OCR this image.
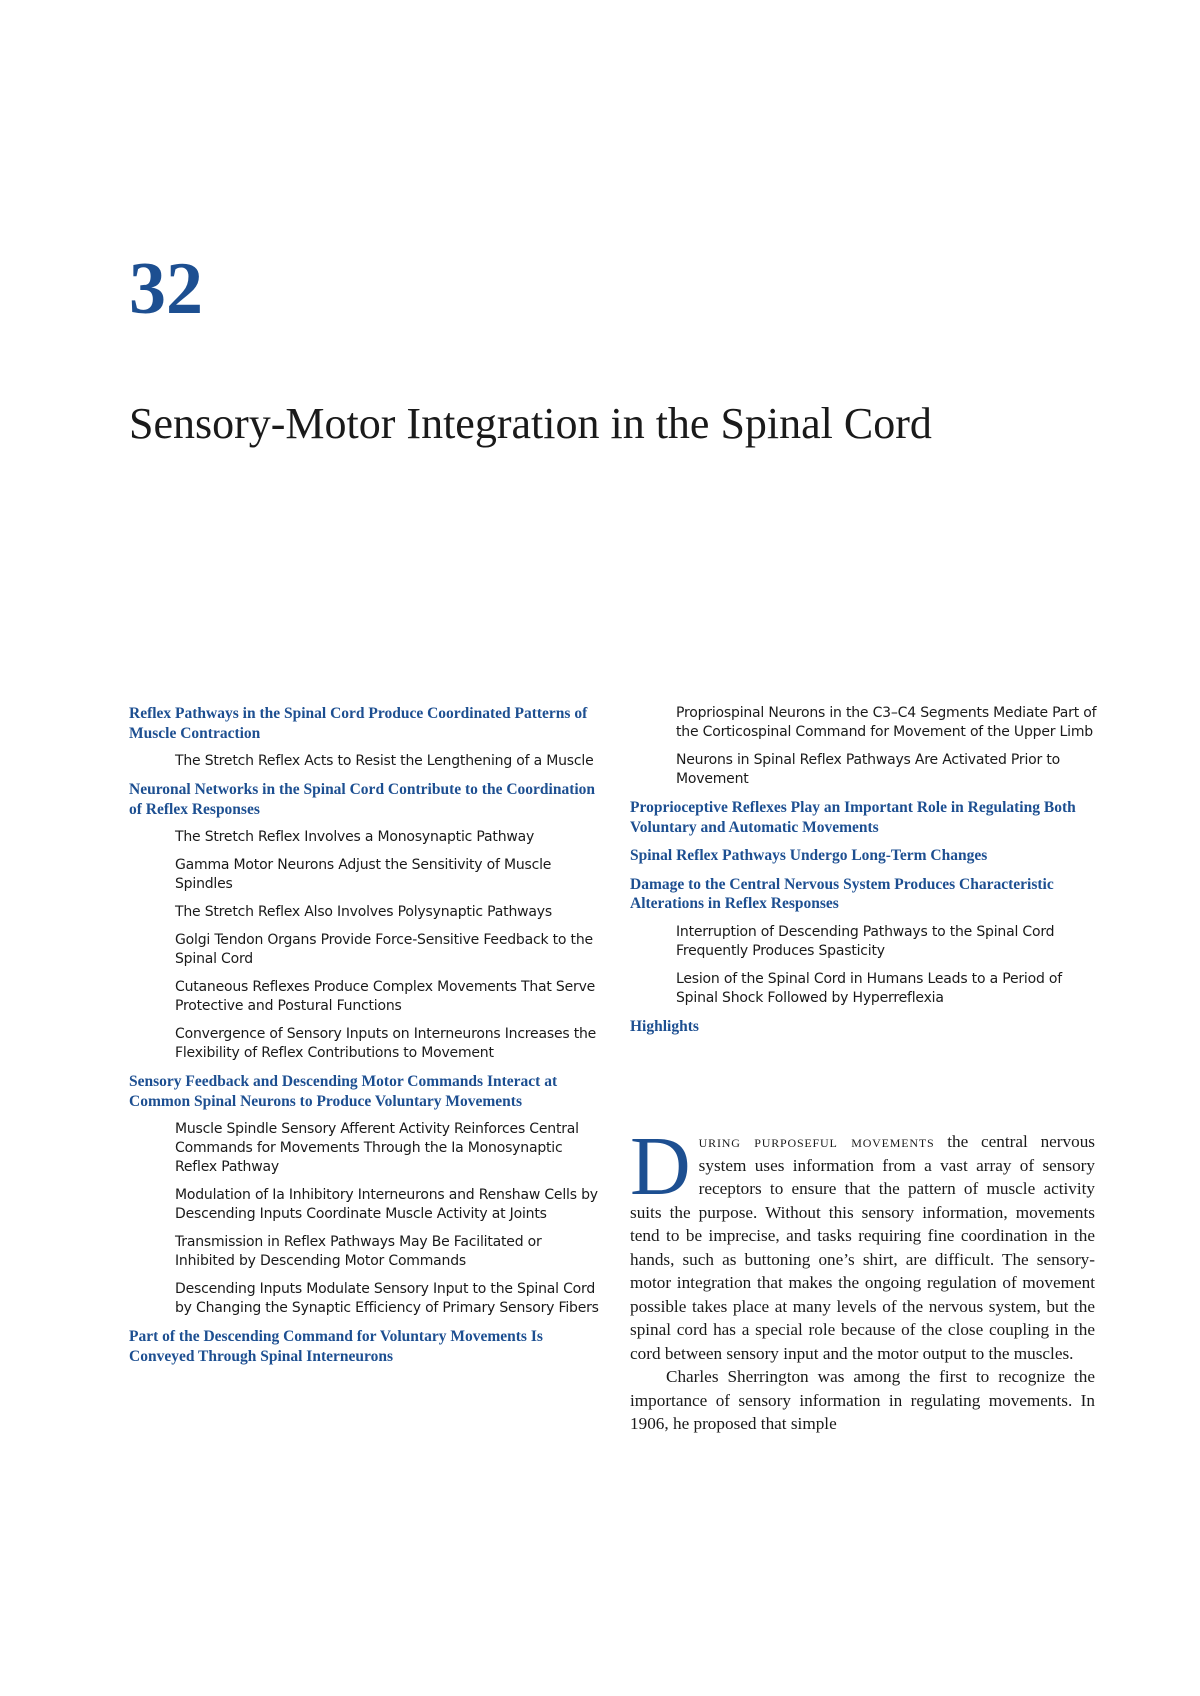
32
Sensory-Motor Integration in the Spinal Cord
Reflex Pathways in the Spinal Cord Produce Coordinated Patterns of Muscle Contraction
The Stretch Reflex Acts to Resist the Lengthening of a Muscle
Neuronal Networks in the Spinal Cord Contribute to the Coordination of Reflex Responses
The Stretch Reflex Involves a Monosynaptic Pathway
Gamma Motor Neurons Adjust the Sensitivity of Muscle Spindles
The Stretch Reflex Also Involves Polysynaptic Pathways
Golgi Tendon Organs Provide Force-Sensitive Feedback to the Spinal Cord
Cutaneous Reflexes Produce Complex Movements That Serve Protective and Postural Functions
Convergence of Sensory Inputs on Interneurons Increases the Flexibility of Reflex Contributions to Movement
Sensory Feedback and Descending Motor Commands Interact at Common Spinal Neurons to Produce Voluntary Movements
Muscle Spindle Sensory Afferent Activity Reinforces Central Commands for Movements Through the Ia Monosynaptic Reflex Pathway
Modulation of Ia Inhibitory Interneurons and Renshaw Cells by Descending Inputs Coordinate Muscle Activity at Joints
Transmission in Reflex Pathways May Be Facilitated or Inhibited by Descending Motor Commands
Descending Inputs Modulate Sensory Input to the Spinal Cord by Changing the Synaptic Efficiency of Primary Sensory Fibers
Part of the Descending Command for Voluntary Movements Is Conveyed Through Spinal Interneurons
Propriospinal Neurons in the C3–C4 Segments Mediate Part of the Corticospinal Command for Movement of the Upper Limb
Neurons in Spinal Reflex Pathways Are Activated Prior to Movement
Proprioceptive Reflexes Play an Important Role in Regulating Both Voluntary and Automatic Movements
Spinal Reflex Pathways Undergo Long-Term Changes
Damage to the Central Nervous System Produces Characteristic Alterations in Reflex Responses
Interruption of Descending Pathways to the Spinal Cord Frequently Produces Spasticity
Lesion of the Spinal Cord in Humans Leads to a Period of Spinal Shock Followed by Hyperreflexia
Highlights

During purposeful movements the central nervous system uses information from a vast array of sensory receptors to ensure that the pattern of muscle activity suits the purpose. Without this sensory information, movements tend to be imprecise, and tasks requiring fine coordination in the hands, such as buttoning one’s shirt, are difficult. The sensory-motor integration that makes the ongoing regulation of movement possible takes place at many levels of the nervous system, but the spinal cord has a special role because of the close coupling in the cord between sensory input and the motor output to the muscles.

Charles Sherrington was among the first to recognize the importance of sensory information in regulating movements. In 1906, he proposed that simple
